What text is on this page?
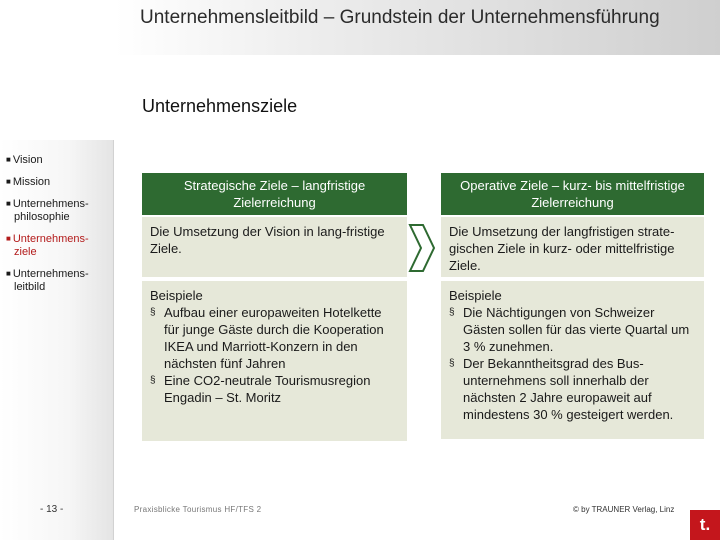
Unternehmensleitbild – Grundstein der Unternehmensführung
Unternehmensziele
■ Vision
■ Mission
■ Unternehmens-
philosophie
■ Unternehmens-
ziele
■ Unternehmens-
leitbild
Strategische Ziele – langfristige Zielerreichung
Die Umsetzung der Vision in lang-fristige Ziele.
Beispiele
§ Aufbau einer europaweiten Hotelkette für junge Gäste durch die Kooperation IKEA und Marriott-Konzern in den nächsten fünf Jahren
§ Eine CO2-neutrale Tourismusregion Engadin – St. Moritz
Operative Ziele – kurz- bis mittelfristige Zielerreichung
Die Umsetzung der langfristigen strate-gischen Ziele in kurz- oder mittelfristige Ziele.
Beispiele
§ Die Nächtigungen von Schweizer Gästen sollen für das vierte Quartal um 3 % zunehmen.
§ Der Bekanntheitsgrad des Bus-unternehmens soll innerhalb der nächsten 2 Jahre europaweit auf mindestens 30 % gesteigert werden.
- 13 -	Praxisblicke Tourismus HF/TFS 2	© by TRAUNER Verlag, Linz
t.
